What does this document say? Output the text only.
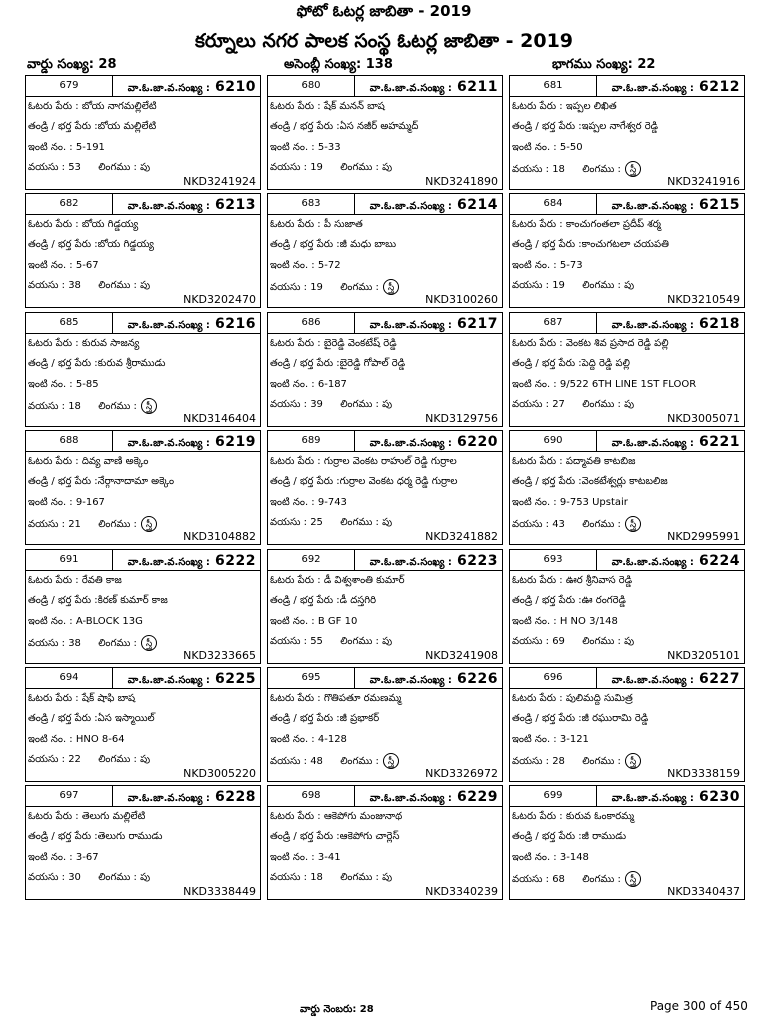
ఫోటో ఓటర్ల జాబితా - 2019
కర్నూలు నగర పాలక సంస్థ ఓటర్ల జాబితా - 2019
వార్డు సంఖ్య: 28	అసెంబ్లీ సంఖ్య: 138	భాగము సంఖ్య: 22
679	వా.ఓ.జా.వ.సంఖ్య : 6210
ఓటరు పేరు : బోయ నాగమల్లిలేటి
తండ్రి / భర్త పేరు :బోయ మల్లిలేటి
ఇంటి నం. : 5-191
వయసు : 53 లింగము : పు
NKD3241924
680	వా.ఓ.జా.వ.సంఖ్య : 6211
ఓటరు పేరు : షేక్ మనన్ బాష
తండ్రి / భర్త పేరు :ఏస నజీర్ అహమ్మద్
ఇంటి నం. : 5-33
వయసు : 19 లింగము : పు
NKD3241890
681	వా.ఓ.జా.వ.సంఖ్య : 6212
ఓటరు పేరు : ఇప్పల లిఖిత
తండ్రి / భర్త పేరు :ఇప్పల నాగేశ్వర రెడ్డి
ఇంటి నం. : 5-50
వయసు : 18 లింగము : స్త్రీ
NKD3241916
682	వా.ఓ.జా.వ.సంఖ్య : 6213
ఓటరు పేరు : బోయ గిడ్డయ్య
తండ్రి / భర్త పేరు :బోయ గిడ్డయ్య
ఇంటి నం. : 5-67
వయసు : 38 లింగము : పు
NKD3202470
683	వా.ఓ.జా.వ.సంఖ్య : 6214
ఓటరు పేరు : పీ సుజాత
తండ్రి / భర్త పేరు :జీ మధు బాబు
ఇంటి నం. : 5-72
వయసు : 19 లింగము : స్త్రీ
NKD3100260
684	వా.ఓ.జా.వ.సంఖ్య : 6215
ఓటరు పేరు : కాంచుగంతలా ప్రదీప్ శర్మ
తండ్రి / భర్త పేరు :కాంచుగటలా చయపతి
ఇంటి నం. : 5-73
వయసు : 19 లింగము : పు
NKD3210549
685	వా.ఓ.జా.వ.సంఖ్య : 6216
ఓటరు పేరు : కురువ సాజన్య
తండ్రి / భర్త పేరు :కురువ శ్రీరాముడు
ఇంటి నం. : 5-85
వయసు : 18 లింగము : స్త్రీ
NKD3146404
686	వా.ఓ.జా.వ.సంఖ్య : 6217
ఓటరు పేరు : బైరెడ్డి వెంకటేష్ రెడ్డి
తండ్రి / భర్త పేరు :బైరెడ్డి గోపాల్ రెడ్డి
ఇంటి నం. : 6-187
వయసు : 39 లింగము : పు
NKD3129756
687	వా.ఓ.జా.వ.సంఖ్య : 6218
ఓటరు పేరు : వెంకట శివ ప్రసాద రెడ్డి పల్లి
తండ్రి / భర్త పేరు :పెద్ది రెడ్డి పల్లి
ఇంటి నం. : 9/522 6TH LINE 1ST FLOOR
వయసు : 27 లింగము : పు
NKD3005071
688	వా.ఓ.జా.వ.సంఖ్య : 6219
ఓటరు పేరు : దివ్య వాణి అక్కెం
తండ్రి / భర్త పేరు :నేర్గానాదామా అక్కెం
ఇంటి నం. : 9-167
వయసు : 21 లింగము : స్త్రీ
NKD3104882
689	వా.ఓ.జా.వ.సంఖ్య : 6220
ఓటరు పేరు : గుర్రాల వెంకట రాహుల్ రెడ్డి గుర్రాల
తండ్రి / భర్త పేరు :గుర్రాల వెంకట ధర్మ రెడ్డి గుర్రాల
ఇంటి నం. : 9-743
వయసు : 25 లింగము : పు
NKD3241882
690	వా.ఓ.జా.వ.సంఖ్య : 6221
ఓటరు పేరు : పద్మావతి కాటబిజ
తండ్రి / భర్త పేరు :వెంకటేశ్వర్లు కాటబలిజ
ఇంటి నం. : 9-753 Upstair
వయసు : 43 లింగము : స్త్రీ
NKD2995991
691	వా.ఓ.జా.వ.సంఖ్య : 6222
ఓటరు పేరు : రేవతి కాజ
తండ్రి / భర్త పేరు :కిరణ్ కుమార్ కాజ
ఇంటి నం. : A-BLOCK 13G
వయసు : 38 లింగము : స్త్రీ
NKD3233665
692	వా.ఓ.జా.వ.సంఖ్య : 6223
ఓటరు పేరు : డీ విశ్వశాంతి కుమార్
తండ్రి / భర్త పేరు :డీ దస్తగిరి
ఇంటి నం. : B GF 10
వయసు : 55 లింగము : పు
NKD3241908
693	వా.ఓ.జా.వ.సంఖ్య : 6224
ఓటరు పేరు : ఊర శ్రీనివాస రెడ్డి
తండ్రి / భర్త పేరు :ఊ రంగరెడ్డి
ఇంటి నం. : H NO 3/148
వయసు : 69 లింగము : పు
NKD3205101
694	వా.ఓ.జా.వ.సంఖ్య : 6225
ఓటరు పేరు : షేక్ షాఫి బాష
తండ్రి / భర్త పేరు :ఏస ఇస్మాయిల్
ఇంటి నం. : HNO 8-64
వయసు : 22 లింగము : పు
NKD3005220
695	వా.ఓ.జా.వ.సంఖ్య : 6226
ఓటరు పేరు : గొతిపతూ రమణమ్మ
తండ్రి / భర్త పేరు :జీ ప్రభాకర్
ఇంటి నం. : 4-128
వయసు : 48 లింగము : స్త్రీ
NKD3326972
696	వా.ఓ.జా.వ.సంఖ్య : 6227
ఓటరు పేరు : పులిమద్ది సుమిత్ర
తండ్రి / భర్త పేరు :జీ రఘురామి రెడ్డి
ఇంటి నం. : 3-121
వయసు : 28 లింగము : స్త్రీ
NKD3338159
697	వా.ఓ.జా.వ.సంఖ్య : 6228
ఓటరు పేరు : తెలుగు మల్లిలేటి
తండ్రి / భర్త పేరు :తెలుగు రాముడు
ఇంటి నం. : 3-67
వయసు : 30 లింగము : పు
NKD3338449
698	వా.ఓ.జా.వ.సంఖ్య : 6229
ఓటరు పేరు : ఆకెపోగు మంజునాథ
తండ్రి / భర్త పేరు :ఆకెపోగు చార్లెస్
ఇంటి నం. : 3-41
వయసు : 18 లింగము : పు
NKD3340239
699	వా.ఓ.జా.వ.సంఖ్య : 6230
ఓటరు పేరు : కురువ ఓంకారమ్మ
తండ్రి / భర్త పేరు :జీ రాముడు
ఇంటి నం. : 3-148
వయసు : 68 లింగము : స్త్రీ
NKD3340437
వార్డు నెంబరు: 28	Page 300 of 450
